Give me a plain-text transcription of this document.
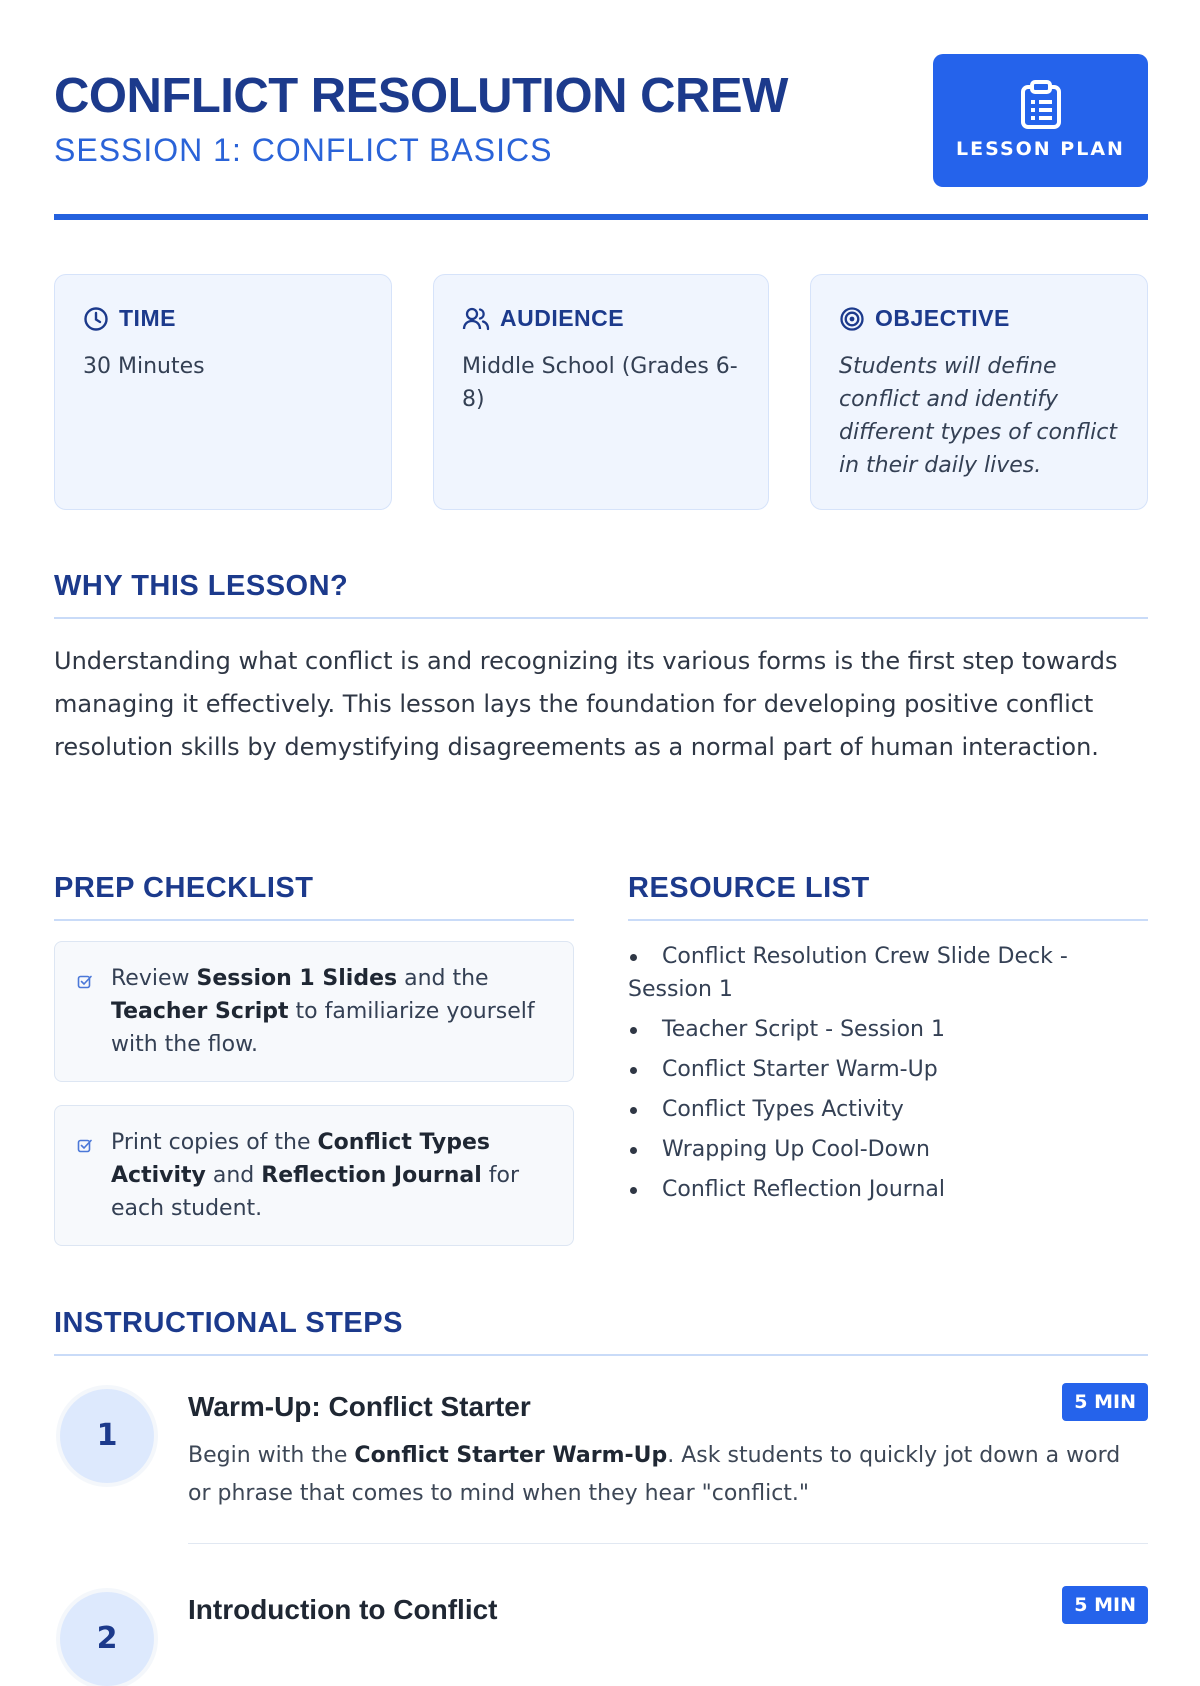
CONFLICT RESOLUTION CREW
SESSION 1: CONFLICT BASICS	LESSON PLAN
TIME
30 Minutes
AUDIENCE
Middle School (Grades 6-8)
OBJECTIVE
Students will define conflict and identify different types of conflict in their daily lives.
WHY THIS LESSON?

Understanding what conflict is and recognizing its various forms is the first step towards managing it effectively. This lesson lays the foundation for developing positive conflict resolution skills by demystifying disagreements as a normal part of human interaction.

PREP CHECKLIST
Review Session 1 Slides and the Teacher Script to familiarize yourself with the flow.
Print copies of the Conflict Types Activity and Reflection Journal for each student.
RESOURCE LIST
Conflict Resolution Crew Slide Deck - Session 1
Teacher Script - Session 1
Conflict Starter Warm-Up
Conflict Types Activity
Wrapping Up Cool-Down
Conflict Reflection Journal
INSTRUCTIONAL STEPS
1
Warm-Up: Conflict Starter	5 MIN
Begin with the Conflict Starter Warm-Up. Ask students to quickly jot down a word or phrase that comes to mind when they hear "conflict."
2
Introduction to Conflict	5 MIN
